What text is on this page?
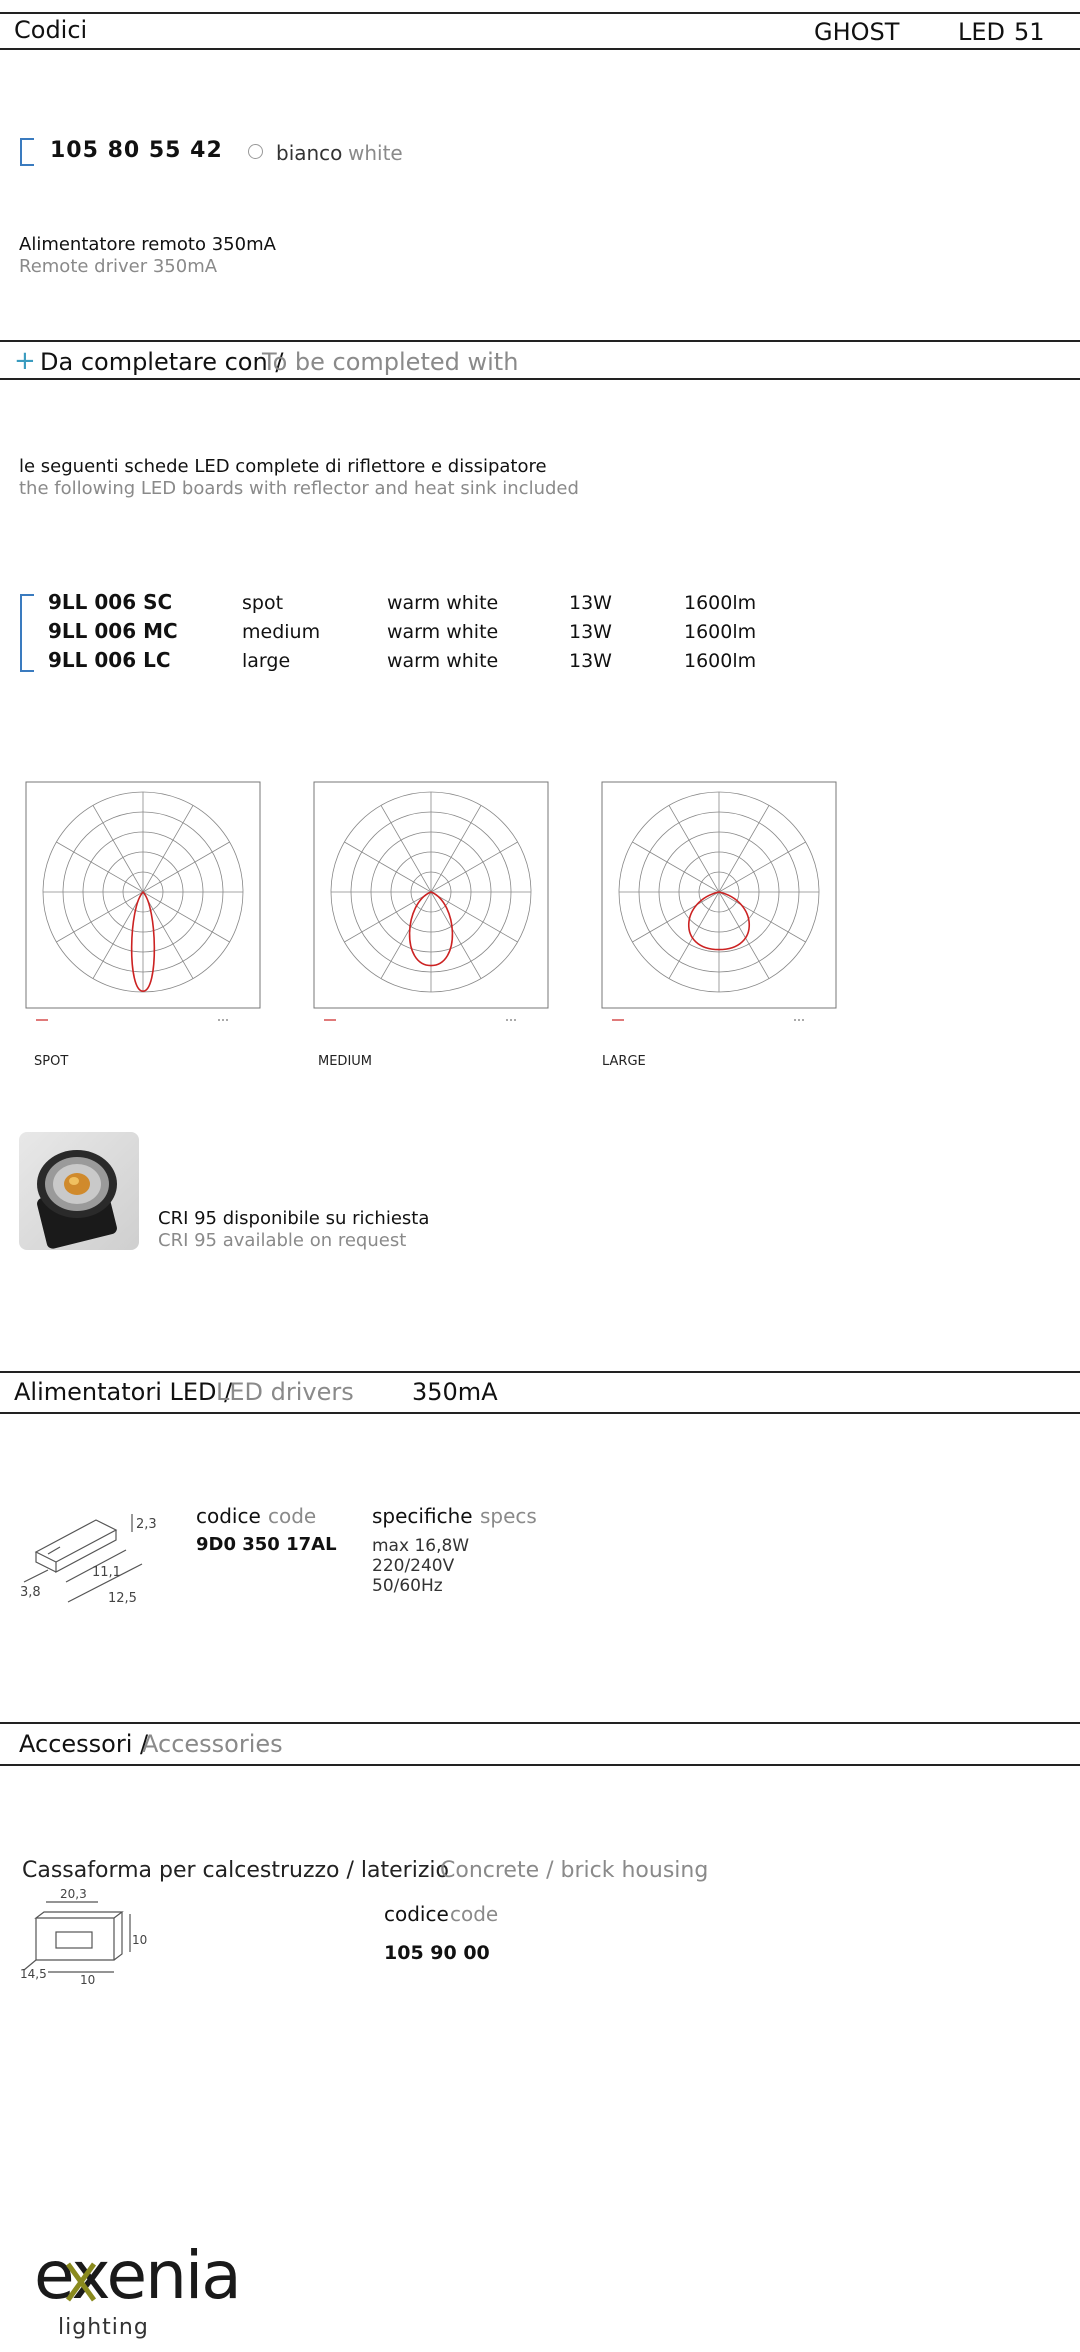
Codici	GHOST LED 51
105 80 55 42	bianco white
Alimentatore remoto 350mA
Remote driver 350mA
+ Da completare con /
To be completed with
le seguenti schede LED complete di riflettore e dissipatore
the following LED boards with reflector and heat sink included
9LL 006 SC	spot	warm white	13W	1600lm
9LL 006 MC	medium	warm white	13W	1600lm
9LL 006 LC	large	warm white	13W	1600lm
SPOT	MEDIUM	LARGE
CRI 95 disponibile su richiesta
CRI 95 available on request
Alimentatori LED /
LED drivers 350mA
2,3
3,8
11,1
12,5
codice code
9D0 350 17AL
specifiche specs
max 16,8W
220/240V
50/60Hz
Accessori /
Accessories
Cassaforma per calcestruzzo / laterizio
Concrete / brick housing
20,3
10
14,5	10
codice code
105 90 00
exenia
lighting
